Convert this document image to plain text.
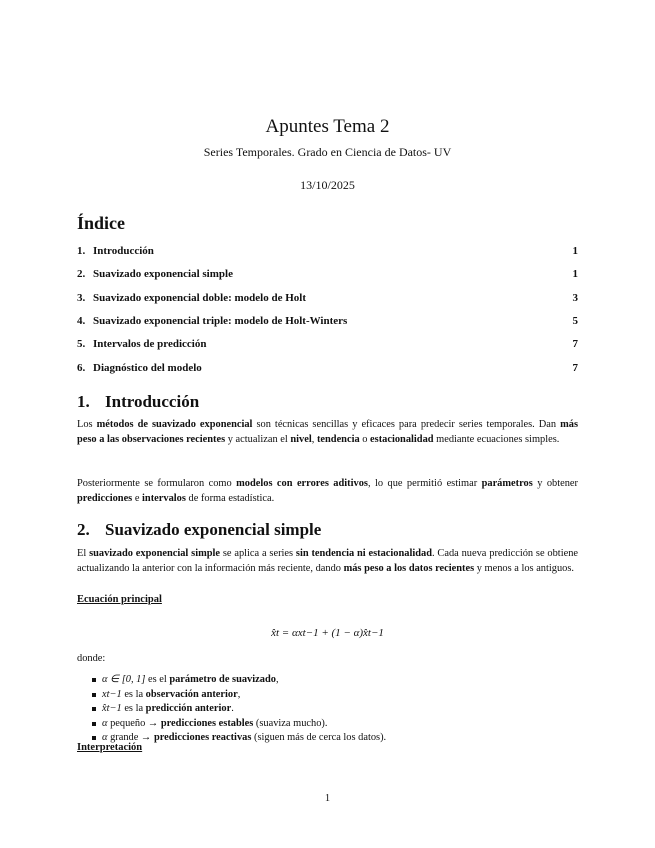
Apuntes Tema 2
Series Temporales. Grado en Ciencia de Datos- UV
13/10/2025
Índice
1. Introducción	1
2. Suavizado exponencial simple	1
3. Suavizado exponencial doble: modelo de Holt	3
4. Suavizado exponencial triple: modelo de Holt-Winters	5
5. Intervalos de predicción	7
6. Diagnóstico del modelo	7
1. Introducción
Los métodos de suavizado exponencial son técnicas sencillas y eficaces para predecir series temporales. Dan más peso a las observaciones recientes y actualizan el nivel, tendencia o estacionalidad mediante ecuaciones simples.
Posteriormente se formularon como modelos con errores aditivos, lo que permitió estimar parámetros y obtener predicciones e intervalos de forma estadística.
2. Suavizado exponencial simple
El suavizado exponencial simple se aplica a series sin tendencia ni estacionalidad. Cada nueva predicción se obtiene actualizando la anterior con la información más reciente, dando más peso a los datos recientes y menos a los antiguos.
Ecuación principal
x̂t = αxt−1 + (1 − α)x̂t−1
donde:
α ∈ [0, 1] es el parámetro de suavizado,
xt−1 es la observación anterior,
x̂t−1 es la predicción anterior.
α pequeño → predicciones estables (suaviza mucho).
α grande → predicciones reactivas (siguen más de cerca los datos).
Interpretación
1
